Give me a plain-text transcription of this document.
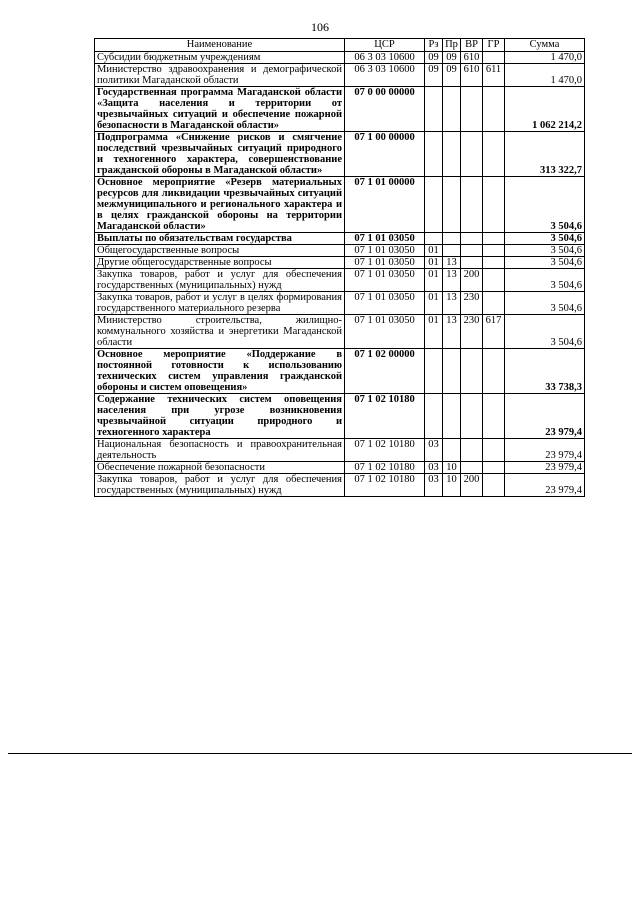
106
Наименование	ЦСР	Рз	Пр	ВР	ГР	Сумма
Субсидии бюджетным учреждениям	06 3 03 10600	09	09	610		1 470,0
Министерство здравоохранения и демографической политики Магаданской области	06 3 03 10600	09	09	610	611	1 470,0
Государственная программа Магаданской области «Защита населения и территории от чрезвычайных ситуаций и обеспечение пожарной безопасности в Магаданской области»	07 0 00 00000					1 062 214,2
Подпрограмма «Снижение рисков и смягчение последствий чрезвычайных ситуаций природного и техногенного характера, совершенствование гражданской обороны в Магаданской области»	07 1 00 00000					313 322,7
Основное мероприятие «Резерв материальных ресурсов для ликвидации чрезвычайных ситуаций межмуниципального и регионального характера и в целях гражданской обороны на территории Магаданской области»	07 1 01 00000					3 504,6
Выплаты по обязательствам государства	07 1 01 03050					3 504,6
Общегосударственные вопросы	07 1 01 03050	01				3 504,6
Другие общегосударственные вопросы	07 1 01 03050	01	13			3 504,6
Закупка товаров, работ и услуг для обеспечения государственных (муниципальных) нужд	07 1 01 03050	01	13	200		3 504,6
Закупка товаров, работ и услуг в целях формирования государственного материального резерва	07 1 01 03050	01	13	230		3 504,6
Министерство строительства, жилищно-коммунального хозяйства и энергетики Магаданской области	07 1 01 03050	01	13	230	617	3 504,6
Основное мероприятие «Поддержание в постоянной готовности к использованию технических систем управления гражданской обороны и систем оповещения»	07 1 02 00000					33 738,3
Содержание технических систем оповещения населения при угрозе возникновения чрезвычайной ситуации природного и техногенного характера	07 1 02 10180					23 979,4
Национальная безопасность и правоохранительная деятельность	07 1 02 10180	03				23 979,4
Обеспечение пожарной безопасности	07 1 02 10180	03	10			23 979,4
Закупка товаров, работ и услуг для обеспечения государственных (муниципальных) нужд	07 1 02 10180	03	10	200		23 979,4
